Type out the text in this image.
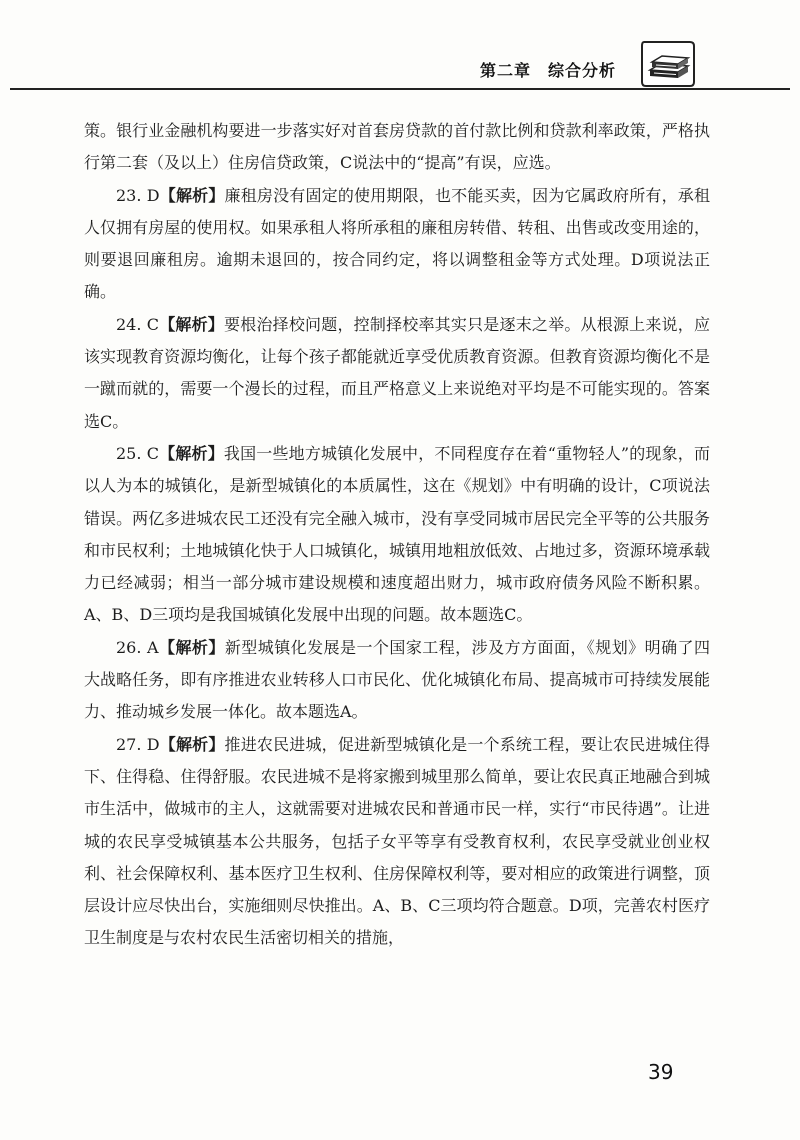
第二章　综合分析

策。银行业金融机构要进一步落实好对首套房贷款的首付款比例和贷款利率政策，严格执行第二套（及以上）住房信贷政策，C说法中的“提高”有误，应选。

23. D【解析】廉租房没有固定的使用期限，也不能买卖，因为它属政府所有，承租人仅拥有房屋的使用权。如果承租人将所承租的廉租房转借、转租、出售或改变用途的，则要退回廉租房。逾期未退回的，按合同约定，将以调整租金等方式处理。D项说法正确。

24. C【解析】要根治择校问题，控制择校率其实只是逐末之举。从根源上来说，应该实现教育资源均衡化，让每个孩子都能就近享受优质教育资源。但教育资源均衡化不是一蹴而就的，需要一个漫长的过程，而且严格意义上来说绝对平均是不可能实现的。答案选C。

25. C【解析】我国一些地方城镇化发展中，不同程度存在着“重物轻人”的现象，而以人为本的城镇化，是新型城镇化的本质属性，这在《规划》中有明确的设计，C项说法错误。两亿多进城农民工还没有完全融入城市，没有享受同城市居民完全平等的公共服务和市民权利；土地城镇化快于人口城镇化，城镇用地粗放低效、占地过多，资源环境承载力已经减弱；相当一部分城市建设规模和速度超出财力，城市政府债务风险不断积累。A、B、D三项均是我国城镇化发展中出现的问题。故本题选C。

26. A【解析】新型城镇化发展是一个国家工程，涉及方方面面，《规划》明确了四大战略任务，即有序推进农业转移人口市民化、优化城镇化布局、提高城市可持续发展能力、推动城乡发展一体化。故本题选A。

27. D【解析】推进农民进城，促进新型城镇化是一个系统工程，要让农民进城住得下、住得稳、住得舒服。农民进城不是将家搬到城里那么简单，要让农民真正地融合到城市生活中，做城市的主人，这就需要对进城农民和普通市民一样，实行“市民待遇”。让进城的农民享受城镇基本公共服务，包括子女平等享有受教育权利，农民享受就业创业权利、社会保障权利、基本医疗卫生权利、住房保障权利等，要对相应的政策进行调整，顶层设计应尽快出台，实施细则尽快推出。A、B、C三项均符合题意。D项，完善农村医疗卫生制度是与农村农民生活密切相关的措施，

39
